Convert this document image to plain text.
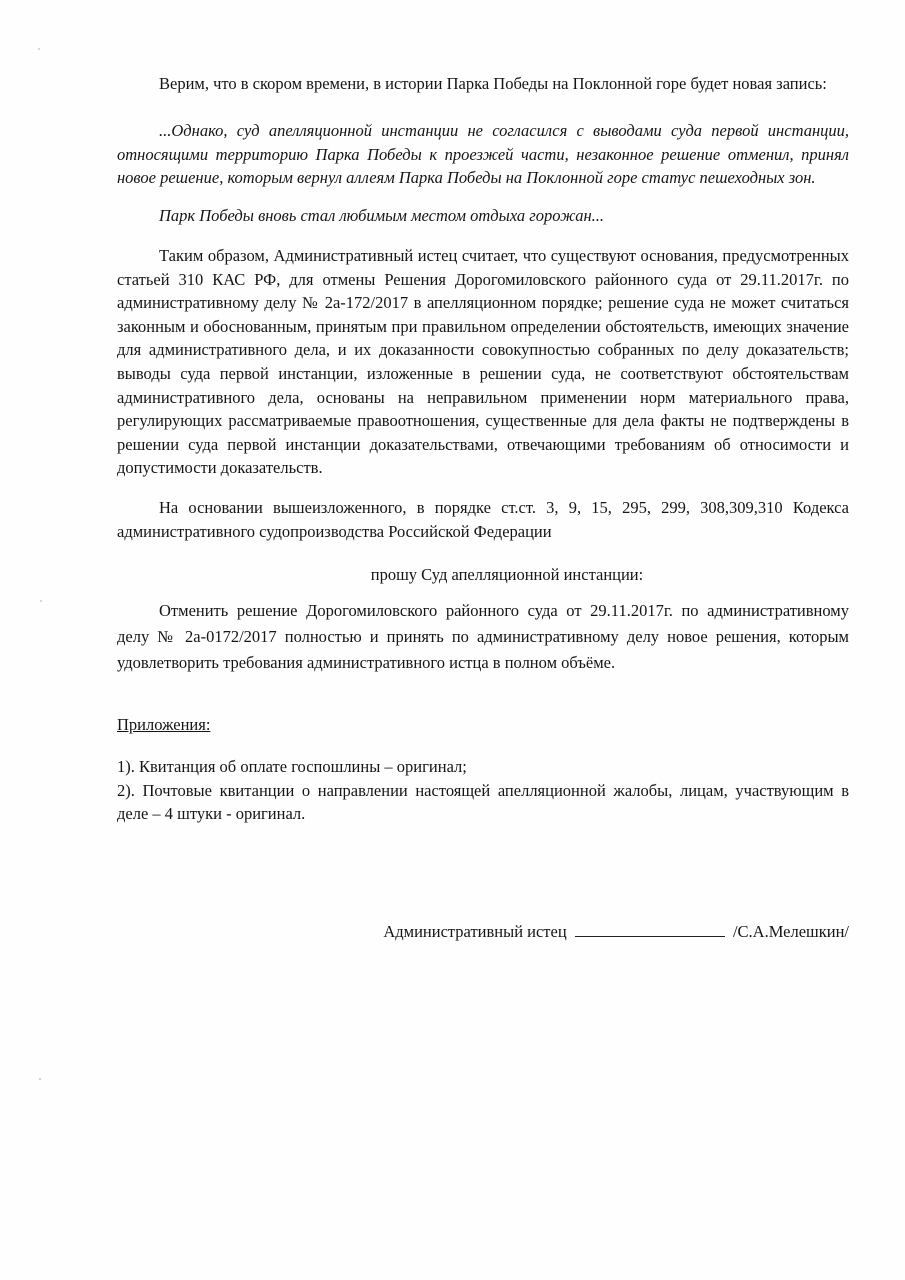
Верим, что в скором времени, в истории Парка Победы на Поклонной горе будет новая запись:

...Однако, суд апелляционной инстанции не согласился с выводами суда первой инстанции, относящими территорию Парка Победы к проезжей части, незаконное решение отменил, принял новое решение, которым вернул аллеям Парка Победы на Поклонной горе статус пешеходных зон.

Парк Победы вновь стал любимым местом отдыха горожан...

Таким образом, Административный истец считает, что существуют основания, предусмотренных статьей 310 КАС РФ, для отмены Решения Дорогомиловского районного суда от 29.11.2017г. по административному делу № 2а-172/2017 в апелляционном порядке; решение суда не может считаться законным и обоснованным, принятым при правильном определении обстоятельств, имеющих значение для административного дела, и их доказанности совокупностью собранных по делу доказательств; выводы суда первой инстанции, изложенные в решении суда, не соответствуют обстоятельствам административного дела, основаны на неправильном применении норм материального права, регулирующих рассматриваемые правоотношения, существенные для дела факты не подтверждены в решении суда первой инстанции доказательствами, отвечающими требованиям об относимости и допустимости доказательств.

На основании вышеизложенного, в порядке ст.ст. 3, 9, 15, 295, 299, 308,309,310 Кодекса административного судопроизводства Российской Федерации

прошу Суд апелляционной инстанции:

Отменить решение Дорогомиловского районного суда от 29.11.2017г. по административному делу № 2а-0172/2017 полностью и принять по административному делу новое решения, которым удовлетворить требования административного истца в полном объёме.

Приложения:

1). Квитанция об оплате госпошлины – оригинал;

2). Почтовые квитанции о направлении настоящей апелляционной жалобы, лицам, участвующим в деле – 4 штуки - оригинал.

Административный истец	/С.А.Мелешкин/
